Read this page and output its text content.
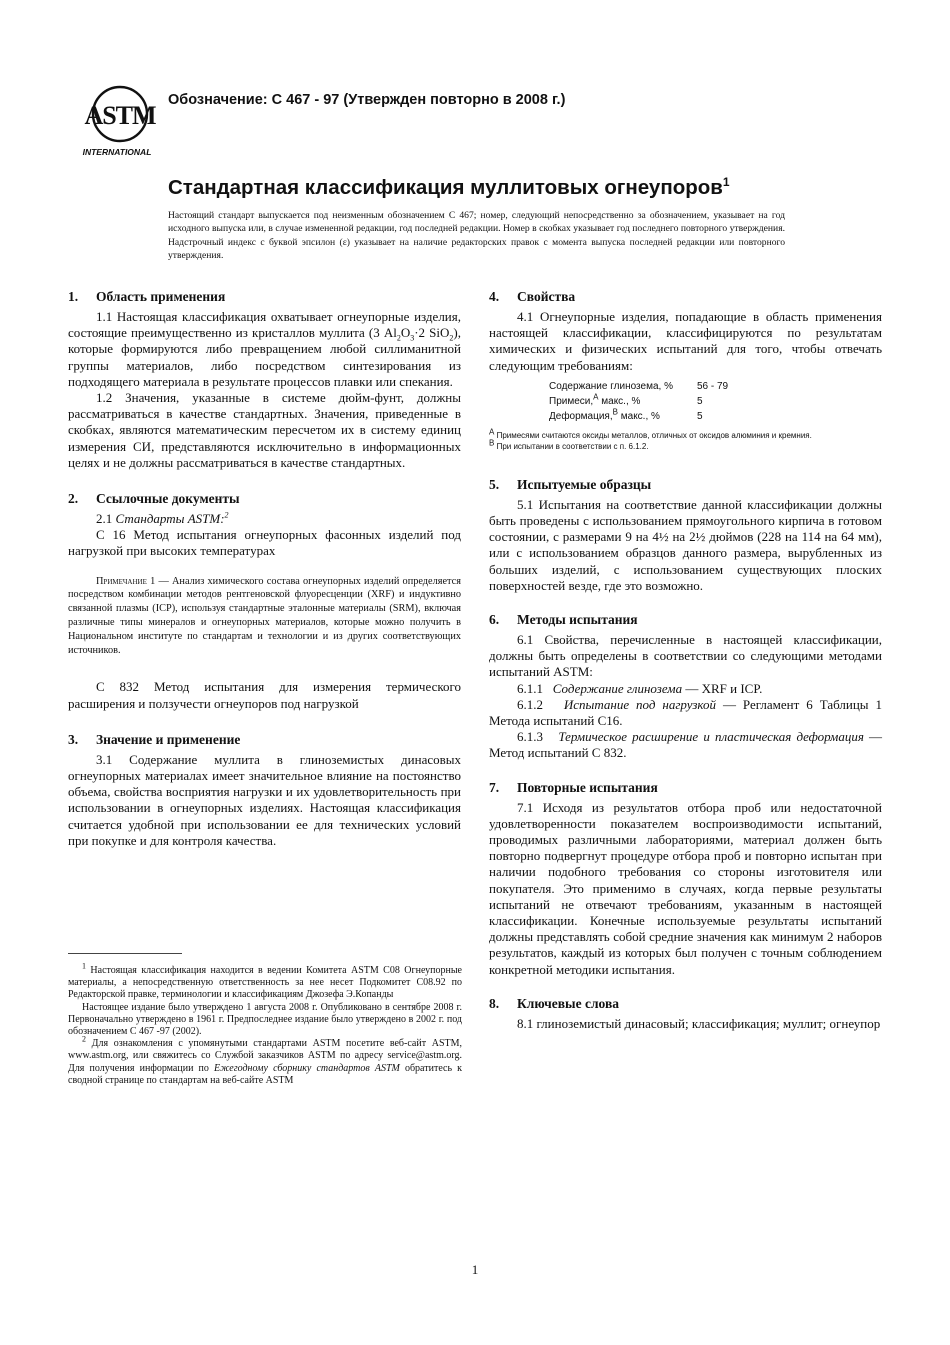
ASTM
INTERNATIONAL
Обозначение: C 467 - 97 (Утвержден повторно в 2008 г.)
Стандартная классификация муллитовых огнеупоров$^1$
Настоящий стандарт выпускается под неизменным обозначением C 467; номер, следующий непосредственно за обозначением, указывает на год исходного выпуска или, в случае измененной редакции, год последней редакции. Номер в скобках указывает год последнего повторного утверждения. Надстрочный индекс с буквой эпсилон (ε) указывает на наличие редакторских правок с момента выпуска последней редакции или повторного утверждения.
1.	Область применения

1.1 Настоящая классификация охватывает огнеупорные изделия, состоящие преимущественно из кристаллов муллита (3 $Al_2O_3\cdot 2$ SiO$_2$), которые формируются либо превращением любой силлиманитной группы материалов, либо посредством синтезирования из подходящего материала в результате процессов плавки или спекания.

1.2 Значения, указанные в системе дюйм-фунт, должны рассматриваться в качестве стандартных. Значения, приведенные в скобках, являются математическим пересчетом их в систему единиц измерения СИ, представляются исключительно в информационных целях и не должны рассматриваться в качестве стандартных.

2.	Ссылочные документы

2.1 Стандарты ASTM:$^2$

C 16 Метод испытания огнеупорных фасонных изделий под нагрузкой при высоких температурах

Примечание 1 — Анализ химического состава огнеупорных изделий определяется посредством комбинации методов рентгеновской флуоресценции (XRF) и индуктивно связанной плазмы (ICP), используя стандартные эталонные материалы (SRM), включая различные типы минералов и огнеупорных материалов, которые можно получить в Национальном институте по стандартам и технологии и из других соответствующих источников.

C 832 Метод испытания для измерения термического расширения и ползучести огнеупоров под нагрузкой

3.	Значение и применение

3.1 Содержание муллита в глиноземистых динасовых огнеупорных материалах имеет значительное влияние на постоянство объема, свойства восприятия нагрузки и их удовлетворительность при использовании в огнеупорных изделиях. Настоящая классификация считается удобной при использовании ее для технических условий при покупке и для контроля качества.

$^1$ Настоящая классификация находится в ведении Комитета ASTM C08 Огнеупорные материалы, а непосредственную ответственность за нее несет Подкомитет C08.92 по Редакторской правке, терминологии и классификациям Джозефа Э.Копанды

Настоящее издание было утверждено 1 августа 2008 г. Опубликовано в сентябре 2008 г. Первоначально утверждено в 1961 г. Предпоследнее издание было утверждено в 2002 г. под обозначением C 467 -97 (2002).

$^2$ Для ознакомления с упомянутыми стандартами ASTM посетите веб-сайт ASTM, www.astm.org, или свяжитесь со Службой заказчиков ASTM по адресу service@astm.org. Для получения информации по Ежегодному сборнику стандартов ASTM обратитесь к сводной странице по стандартам на веб-сайте ASTM

4.	Свойства

4.1 Огнеупорные изделия, попадающие в область применения настоящей классификации, классифицируются по результатам химических и физических испытаний для того, чтобы отвечать следующим требованиям:

Содержание глинозема, %	56 - 79
Примеси,$^A$ макс., %	5
Деформация,$^B$ макс., %	5
$^A$ Примесями считаются оксиды металлов, отличных от оксидов алюминия и кремния.
$^B$ При испытании в соответствии с п. 6.1.2.
5.	Испытуемые образцы

5.1 Испытания на соответствие данной классификации должны быть проведены с использованием прямоугольного кирпича в готовом состоянии, с размерами 9 на 4½ на 2½ дюймов (228 на 114 на 64 мм), или с использованием образцов данного размера, вырубленных из больших изделий, с использованием существующих плоских поверхностей везде, где это возможно.

6.	Методы испытания

6.1 Свойства, перечисленные в настоящей классификации, должны быть определены в соответствии со следующими методами испытаний ASTM:

6.1.1 Содержание глинозема — XRF и ICP.

6.1.2 Испытание под нагрузкой — Регламент 6 Таблицы 1 Метода испытаний C16.

6.1.3 Термическое расширение и пластическая деформация — Метод испытаний C 832.

7.	Повторные испытания

7.1 Исходя из результатов отбора проб или недостаточной удовлетворенности показателем воспроизводимости испытаний, проводимых различными лабораториями, материал должен быть повторно подвергнут процедуре отбора проб и повторно испытан при наличии подобного требования со стороны изготовителя или покупателя. Это применимо в случаях, когда первые результаты испытаний не отвечают требованиям, указанным в настоящей классификации. Конечные используемые результаты испытаний должны представлять собой средние значения как минимум 2 наборов результатов, каждый из которых был получен с точным соблюдением конкретной методики испытания.

8.	Ключевые слова

8.1 глиноземистый динасовый; классификация; муллит; огнеупор

1
